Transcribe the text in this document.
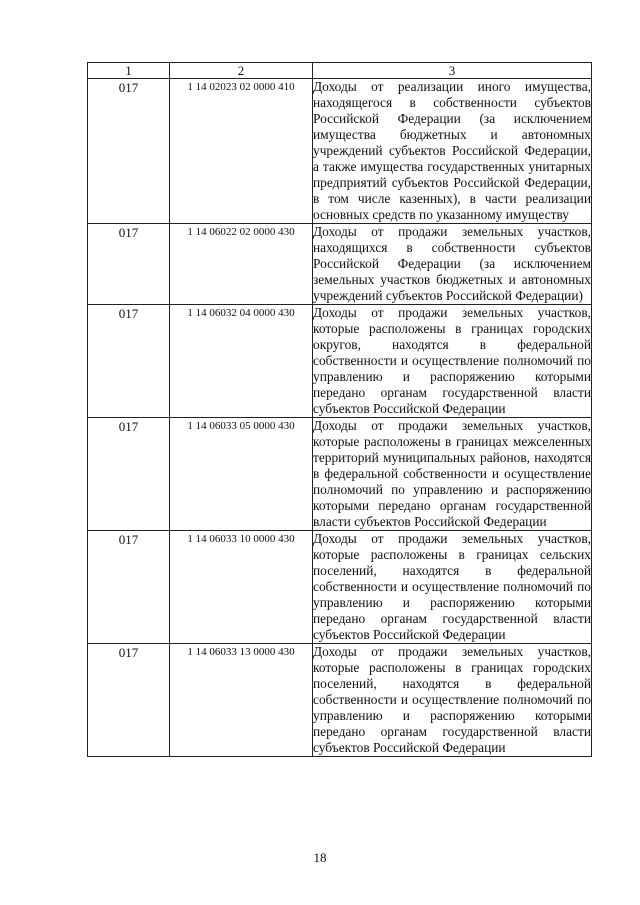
1	2	3
017	1 14 02023 02 0000 410	Доходы от реализации иного имущества, находящегося в собственности субъектов Российской Федерации (за исключением имущества бюджетных и автономных учреждений субъектов Российской Федерации, а также имущества государственных унитарных предприятий субъектов Российской Федерации, в том числе казенных), в части реализации основных средств по указанному имуществу
017	1 14 06022 02 0000 430	Доходы от продажи земельных участков, находящихся в собственности субъектов Российской Федерации (за исключением земельных участков бюджетных и автономных учреждений субъектов Российской Федерации)
017	1 14 06032 04 0000 430	Доходы от продажи земельных участков, которые расположены в границах городских округов, находятся в федеральной собственности и осуществление полномочий по управлению и распоряжению которыми передано органам государственной власти субъектов Российской Федерации
017	1 14 06033 05 0000 430	Доходы от продажи земельных участков, которые расположены в границах межселенных территорий муниципальных районов, находятся в федеральной собственности и осуществление полномочий по управлению и распоряжению которыми передано органам государственной власти субъектов Российской Федерации
017	1 14 06033 10 0000 430	Доходы от продажи земельных участков, которые расположены в границах сельских поселений, находятся в федеральной собственности и осуществление полномочий по управлению и распоряжению которыми передано органам государственной власти субъектов Российской Федерации
017	1 14 06033 13 0000 430	Доходы от продажи земельных участков, которые расположены в границах городских поселений, находятся в федеральной собственности и осуществление полномочий по управлению и распоряжению которыми передано органам государственной власти субъектов Российской Федерации
18
